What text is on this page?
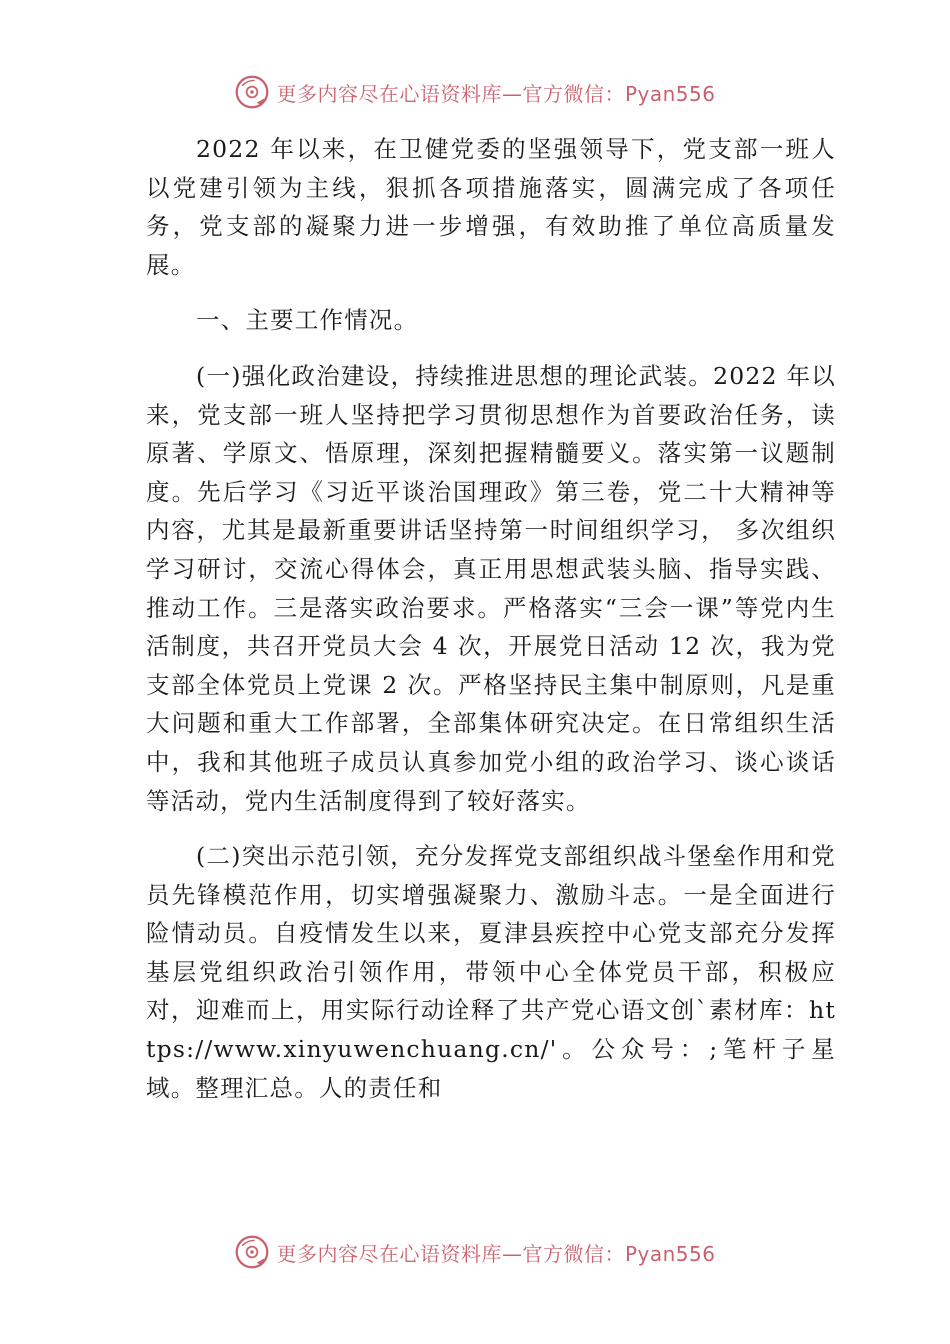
更多内容尽在心语资料库—官方微信：Pyan556

2022 年以来，在卫健党委的坚强领导下，党支部一班人以党建引领为主线，狠抓各项措施落实，圆满完成了各项任务，党支部的凝聚力进一步增强，有效助推了单位高质量发展。

一、主要工作情况。

(一)强化政治建设，持续推进思想的理论武装。2022 年以来，党支部一班人坚持把学习贯彻思想作为首要政治任务，读原著、学原文、悟原理，深刻把握精髓要义。落实第一议题制度。先后学习《习近平谈治国理政》第三卷，党二十大精神等内容，尤其是最新重要讲话坚持第一时间组织学习， 多次组织学习研讨，交流心得体会，真正用思想武装头脑、指导实践、推动工作。三是落实政治要求。严格落实“三会一课”等党内生活制度，共召开党员大会 4 次，开展党日活动 12 次，我为党支部全体党员上党课 2 次。严格坚持民主集中制原则，凡是重大问题和重大工作部署，全部集体研究决定。在日常组织生活中，我和其他班子成员认真参加党小组的政治学习、谈心谈话等活动，党内生活制度得到了较好落实。

(二)突出示范引领，充分发挥党支部组织战斗堡垒作用和党员先锋模范作用，切实增强凝聚力、激励斗志。一是全面进行险情动员。自疫情发生以来，夏津县疾控中心党支部充分发挥基层党组织政治引领作用，带领中心全体党员干部，积极应对，迎难而上，用实际行动诠释了共产党心语文创`素材库：https://www.xinyuwenchuang.cn/'。公众号：;笔杆子星域。整理汇总。人的责任和

更多内容尽在心语资料库—官方微信：Pyan556
